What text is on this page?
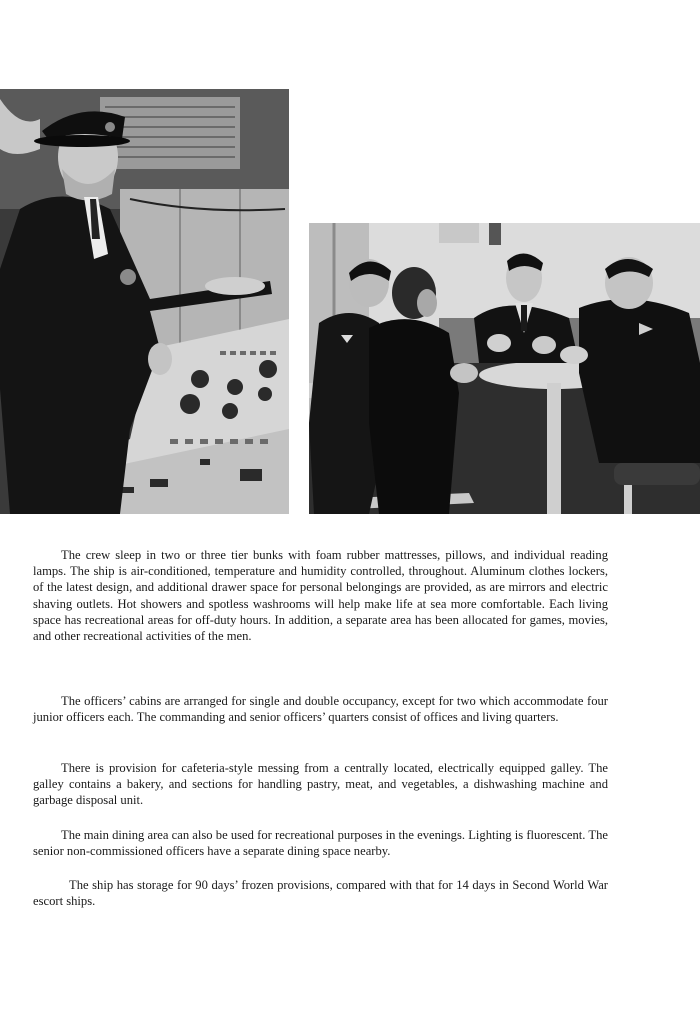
The crew sleep in two or three tier bunks with foam rubber mattresses, pillows, and individual reading lamps. The ship is air-conditioned, temperature and humidity controlled, throughout. Aluminum clothes lockers, of the latest design, and additional drawer space for personal belongings are provided, as are mirrors and electric shaving outlets. Hot showers and spotless washrooms will help make life at sea more comfortable. Each living space has recreational areas for off-duty hours. In addition, a separate area has been allocated for games, movies, and other recreational activities of the men.

The officers’ cabins are arranged for single and double occupancy, except for two which accommodate four junior officers each. The commanding and senior officers’ quarters consist of offices and living quarters.

There is provision for cafeteria-style messing from a centrally located, electrically equipped galley. The galley contains a bakery, and sections for handling pastry, meat, and vegetables, a dishwashing machine and garbage disposal unit.

The main dining area can also be used for recreational purposes in the evenings. Lighting is fluorescent. The senior non-commissioned officers have a separate dining space nearby.

The ship has storage for 90 days’ frozen provisions, compared with that for 14 days in Second World War escort ships.
